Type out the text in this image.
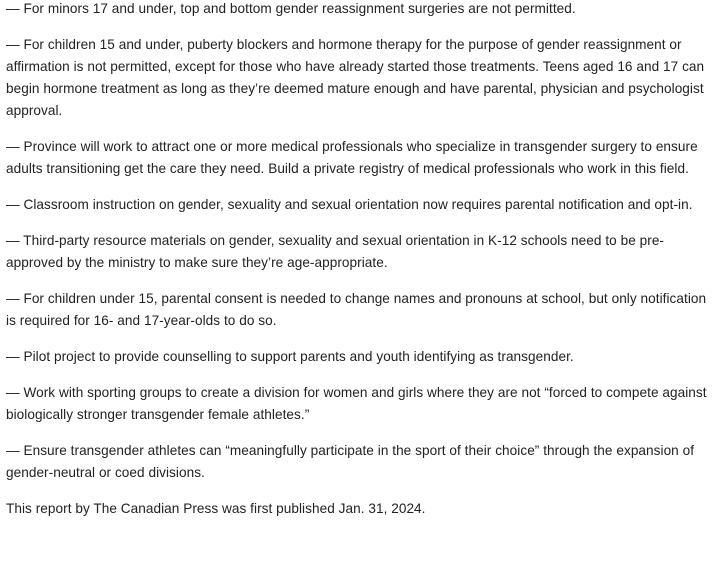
— For minors 17 and under, top and bottom gender reassignment surgeries are not permitted.

— For children 15 and under, puberty blockers and hormone therapy for the purpose of gender reassignment or affirmation is not permitted, except for those who have already started those treatments. Teens aged 16 and 17 can begin hormone treatment as long as they’re deemed mature enough and have parental, physician and psychologist approval.

— Province will work to attract one or more medical professionals who specialize in transgender surgery to ensure adults transitioning get the care they need. Build a private registry of medical professionals who work in this field.

— Classroom instruction on gender, sexuality and sexual orientation now requires parental notification and opt-in.

— Third-party resource materials on gender, sexuality and sexual orientation in K-12 schools need to be pre-approved by the ministry to make sure they’re age-appropriate.

— For children under 15, parental consent is needed to change names and pronouns at school, but only notification is required for 16- and 17-year-olds to do so.

— Pilot project to provide counselling to support parents and youth identifying as transgender.

— Work with sporting groups to create a division for women and girls where they are not “forced to compete against biologically stronger transgender female athletes.”

— Ensure transgender athletes can “meaningfully participate in the sport of their choice” through the expansion of gender-neutral or coed divisions.

This report by The Canadian Press was first published Jan. 31, 2024.
